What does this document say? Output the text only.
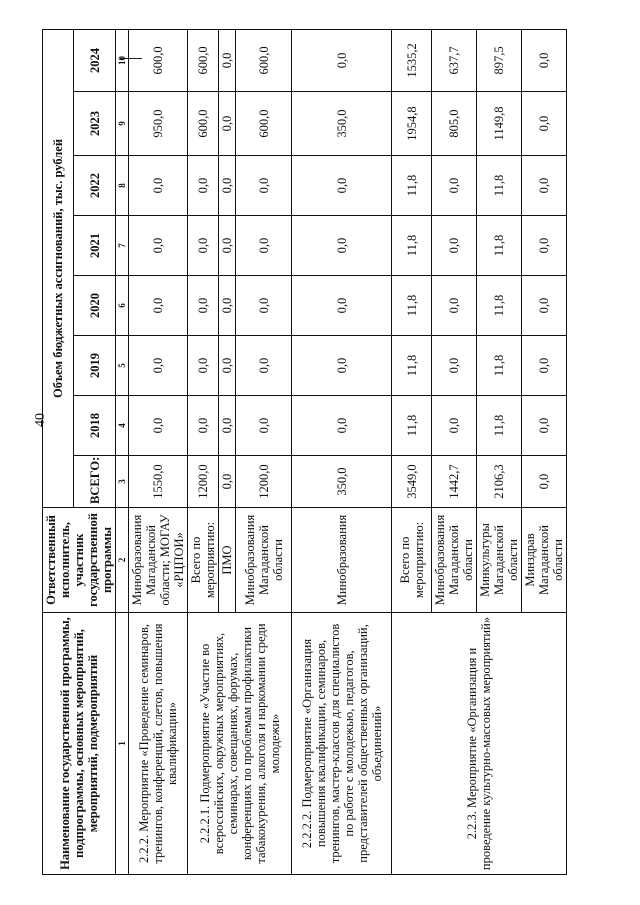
40
Наименование государственной программы, подпрограммы, основных мероприятий, мероприятий, подмероприятий	Ответственный исполнитель, участник государственной программы	Объем бюджетных ассигнований, тыс. рублей							
		ВСЕГО:	2018	2019	2020	2021	2022	2023	2024
1	2	3	4	5	6	7	8	9	10
2.2.2. Мероприятие «Проведение семинаров, тренингов, конференций, слетов, повышения квалификации»	Минобразования Магаданской области; МОГАУ «РЦПОИ»	1550,0	0,0	0,0	0,0	0,0	0,0	950,0	600,0
2.2.2.1. Подмероприятие «Участие во всероссийских, окружных мероприятиях, семинарах, совещаниях, форумах, конференциях по проблемам профилактики табакокурения, алкоголя и наркомании среди молодежи»	Всего по мероприятию:	1200,0	0,0	0,0	0,0	0,0	0,0	600,0	600,0
	ПМО	0,0	0,0	0,0	0,0	0,0	0,0	0,0	0,0
	Минобразования Магаданской области	1200,0	0,0	0,0	0,0	0,0	0,0	600,0	600,0
2.2.2.2. Подмероприятие «Организация повышения квалификации, семинаров, тренингов, мастер-классов для специалистов по работе с молодежью, педагогов, представителей общественных организаций, объединений»	Минобразования	350,0	0,0	0,0	0,0	0,0	0,0	350,0	0,0
2.2.3. Мероприятие «Организация и проведение культурно-массовых мероприятий»	Всего по мероприятию:	3549,0	11,8	11,8	11,8	11,8	11,8	1954,8	1535,2
	Минобразования Магаданской области	1442,7	0,0	0,0	0,0	0,0	0,0	805,0	637,7
	Минкультуры Магаданской области	2106,3	11,8	11,8	11,8	11,8	11,8	1149,8	897,5
	Минздрав Магаданской области	0,0	0,0	0,0	0,0	0,0	0,0	0,0	0,0
